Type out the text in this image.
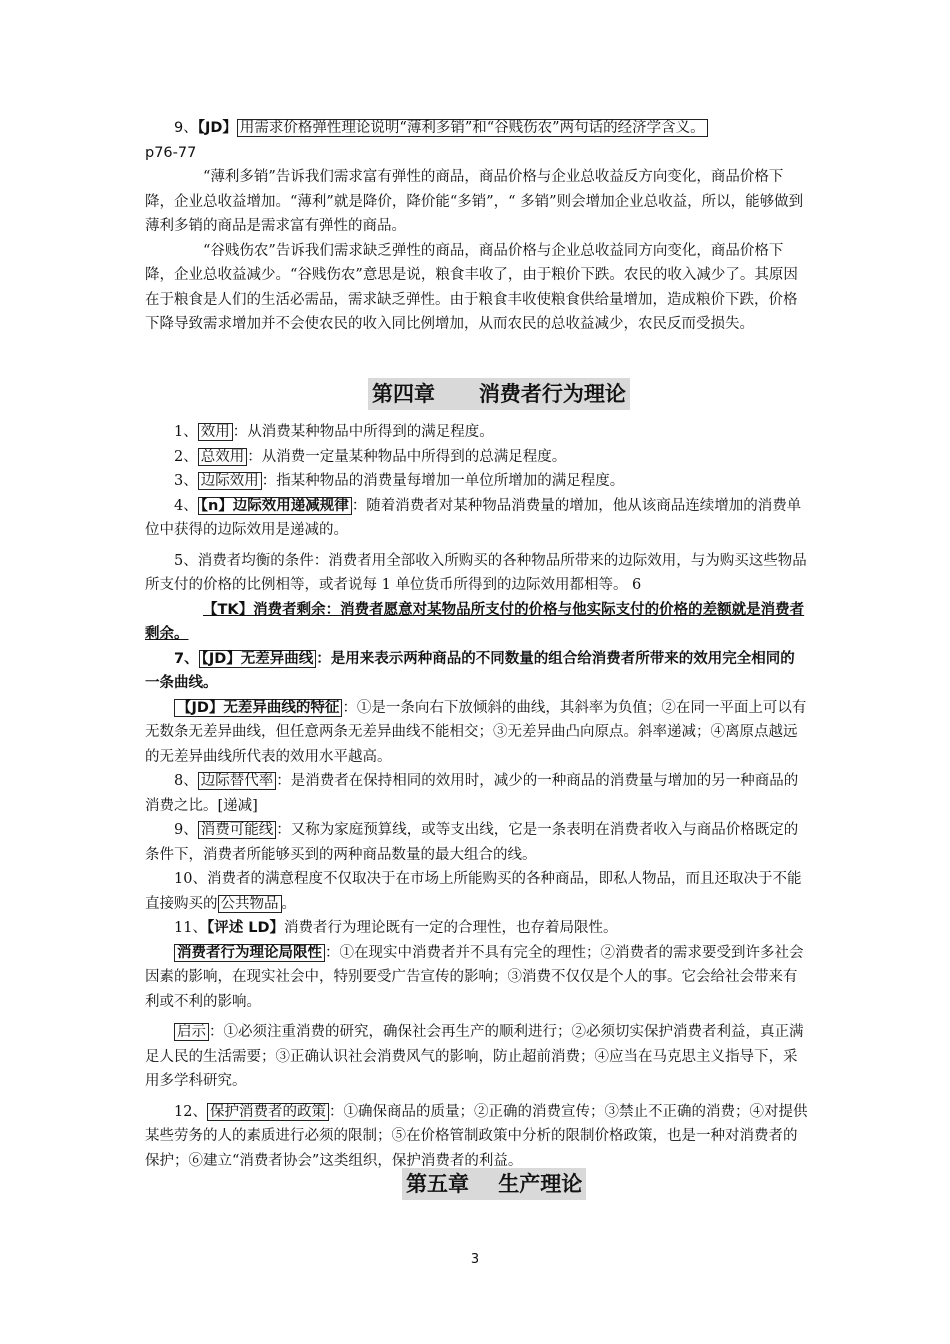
9、【JD】 用需求价格弹性理论说明“薄利多销”和“谷贱伤农”两句话的经济学含义。

p76-77

“薄利多销”告诉我们需求富有弹性的商品，商品价格与企业总收益反方向变化，商品价格下降，企业总收益增加。“薄利”就是降价，降价能“多销”，“ 多销”则会增加企业总收益，所以，能够做到薄利多销的商品是需求富有弹性的商品。

“谷贱伤农”告诉我们需求缺乏弹性的商品，商品价格与企业总收益同方向变化，商品价格下降，企业总收益减少。“谷贱伤农”意思是说，粮食丰收了，由于粮价下跌。农民的收入减少了。其原因在于粮食是人们的生活必需品，需求缺乏弹性。由于粮食丰收使粮食供给量增加，造成粮价下跌，价格下降导致需求增加并不会使农民的收入同比例增加，从而农民的总收益减少，农民反而受损失。

第四章      消费者行为理论

1、 效用 ：从消费某种物品中所得到的满足程度。

2、 总效用 ：从消费一定量某种物品中所得到的总满足程度。

3、 边际效用 ：指某种物品的消费量每增加一单位所增加的满足程度。

4、 【n】边际效用递减规律 ：随着消费者对某种物品消费量的增加，他从该商品连续增加的消费单位中获得的边际效用是递减的。

5、消费者均衡的条件：消费者用全部收入所购买的各种物品所带来的边际效用，与为购买这些物品所支付的价格的比例相等，或者说每 1 单位货币所得到的边际效用都相等。 6

【TK】消费者剩余：消费者愿意对某物品所支付的价格与他实际支付的价格的差额就是消费者剩余。

7、 【JD】无差异曲线 ：是用来表示两种商品的不同数量的组合给消费者所带来的效用完全相同的一条曲线。

【JD】无差异曲线的特征 ：①是一条向右下放倾斜的曲线，其斜率为负值；②在同一平面上可以有无数条无差异曲线，但任意两条无差异曲线不能相交；③无差异曲凸向原点。斜率递减；④离原点越远的无差异曲线所代表的效用水平越高。

8、 边际替代率 ：是消费者在保持相同的效用时，减少的一种商品的消费量与增加的另一种商品的消费之比。[递减]

9、 消费可能线 ：又称为家庭预算线，或等支出线，它是一条表明在消费者收入与商品价格既定的条件下，消费者所能够买到的两种商品数量的最大组合的线。

10、消费者的满意程度不仅取决于在市场上所能购买的各种商品，即私人物品，而且还取决于不能直接购买的 公共物品 。

11、【评述 LD】消费者行为理论既有一定的合理性，也存着局限性。

消费者行为理论局限性 ：①在现实中消费者并不具有完全的理性；②消费者的需求要受到许多社会因素的影响，在现实社会中，特别要受广告宣传的影响；③消费不仅仅是个人的事。它会给社会带来有利或不利的影响。

启示 ：①必须注重消费的研究，确保社会再生产的顺利进行；②必须切实保护消费者利益，真正满足人民的生活需要；③正确认识社会消费风气的影响，防止超前消费；④应当在马克思主义指导下，采用多学科研究。

12、 保护消费者的政策 ：①确保商品的质量；②正确的消费宣传；③禁止不正确的消费；④对提供某些劳务的人的素质进行必须的限制；⑤在价格管制政策中分析的限制价格政策，也是一种对消费者的保护；⑥建立“消费者协会”这类组织，保护消费者的利益。

第五章    生产理论
3
